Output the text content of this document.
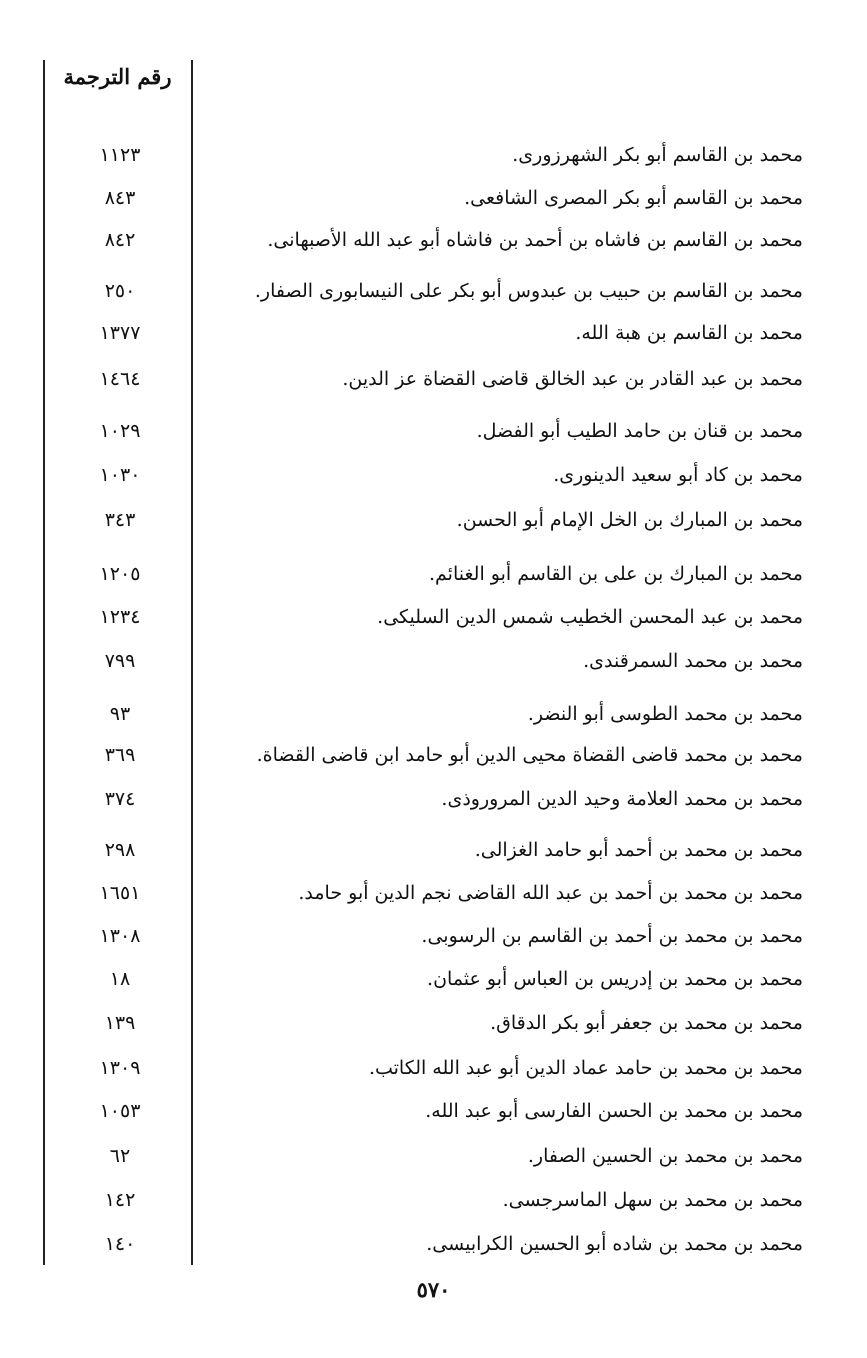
رقم الترجمة
محمد بن القاسم أبو بكر الشهرزورى.
١١٢٣
محمد بن القاسم أبو بكر المصرى الشافعى.
٨٤٣
محمد بن القاسم بن فاشاه بن أحمد بن فاشاه أبو عبد الله الأصبهانى.
٨٤٢
محمد بن القاسم بن حبيب بن عبدوس أبو بكر على النيسابورى الصفار.
٢٥٠
محمد بن القاسم بن هبة الله.
١٣٧٧
محمد بن عبد القادر بن عبد الخالق قاضى القضاة عز الدين.
١٤٦٤
محمد بن قنان بن حامد الطيب أبو الفضل.
١٠٢٩
محمد بن كاد أبو سعيد الدينورى.
١٠٣٠
محمد بن المبارك بن الخل الإمام أبو الحسن.
٣٤٣
محمد بن المبارك بن على بن القاسم أبو الغنائم.
١٢٠٥
محمد بن عبد المحسن الخطيب شمس الدين السليكى.
١٢٣٤
محمد بن محمد السمرقندى.
٧٩٩
محمد بن محمد الطوسى أبو النضر.
٩٣
محمد بن محمد قاضى القضاة محيى الدين أبو حامد ابن قاضى القضاة.
٣٦٩
محمد بن محمد العلامة وحيد الدين المروروذى.
٣٧٤
محمد بن محمد بن أحمد أبو حامد الغزالى.
٢٩٨
محمد بن محمد بن أحمد بن عبد الله القاضى نجم الدين أبو حامد.
١٦٥١
محمد بن محمد بن أحمد بن القاسم بن الرسوبى.
١٣٠٨
محمد بن محمد بن إدريس بن العباس أبو عثمان.
١٨
محمد بن محمد بن جعفر أبو بكر الدقاق.
١٣٩
محمد بن محمد بن حامد عماد الدين أبو عبد الله الكاتب.
١٣٠٩
محمد بن محمد بن الحسن الفارسى أبو عبد الله.
١٠٥٣
محمد بن محمد بن الحسين الصفار.
٦٢
محمد بن محمد بن سهل الماسرجسى.
١٤٢
محمد بن محمد بن شاده أبو الحسين الكرابيسى.
١٤٠
٥٧٠
